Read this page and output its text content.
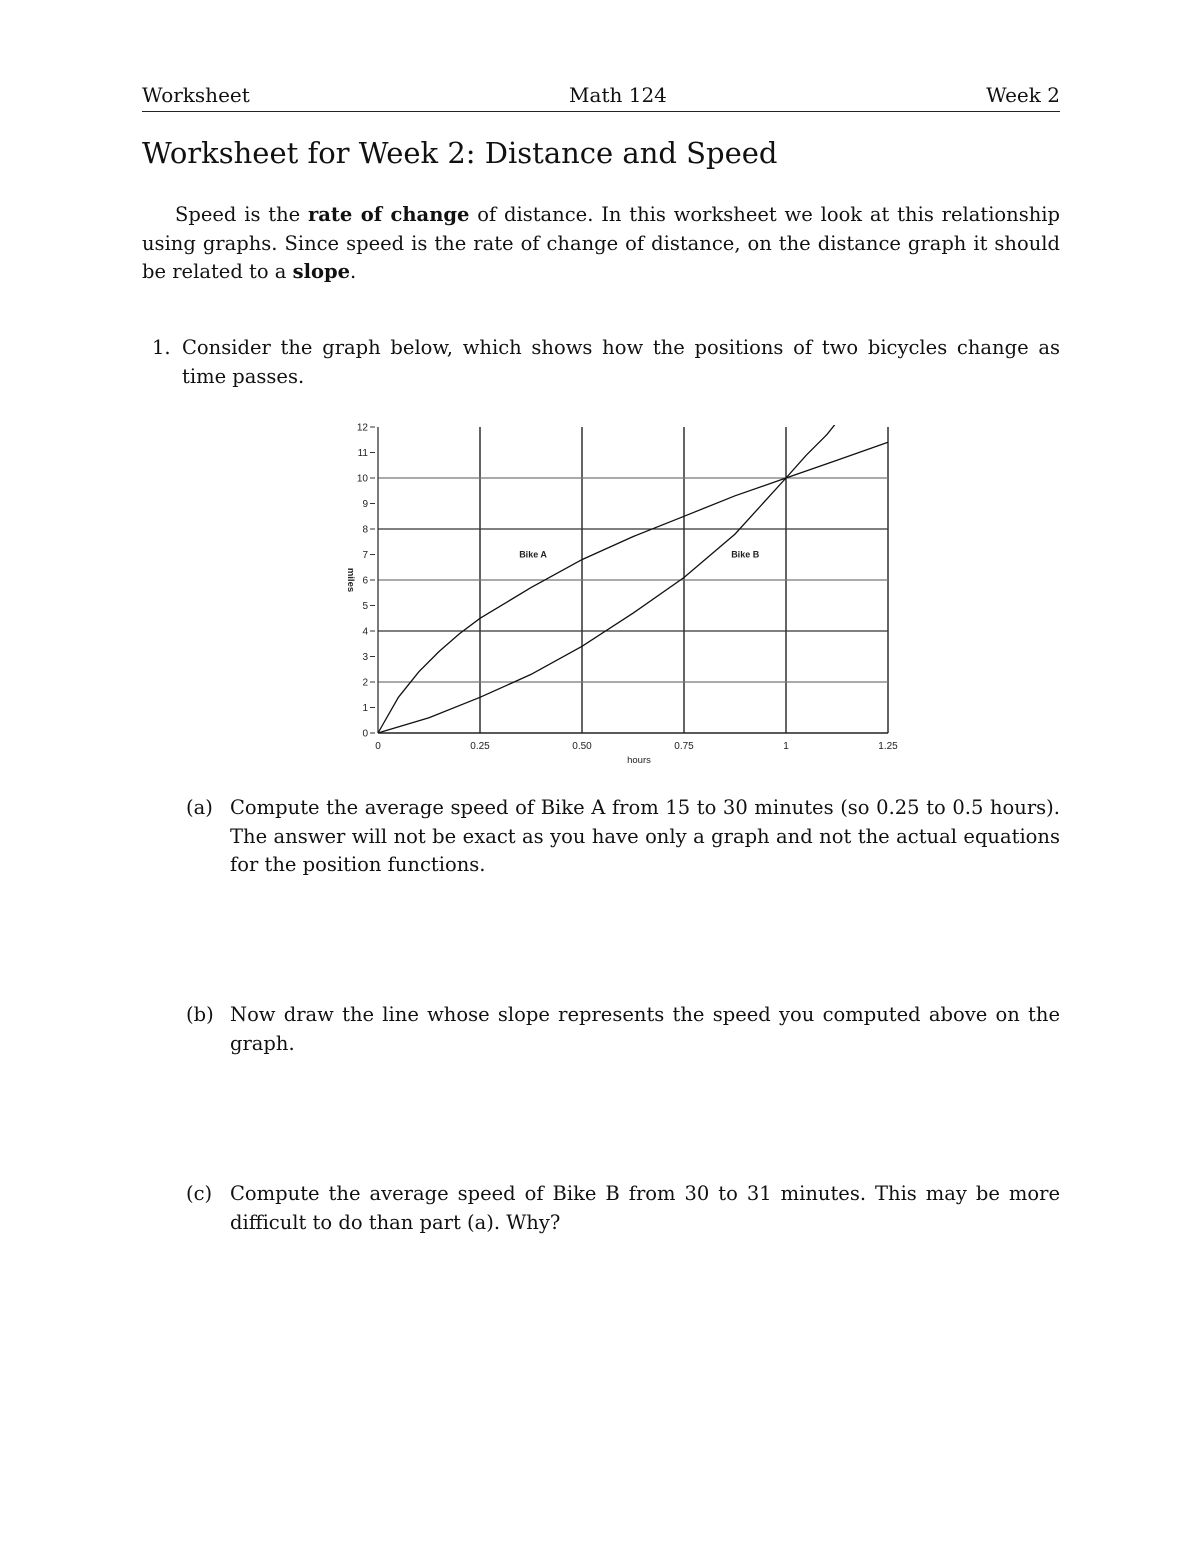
Worksheet	Math 124	Week 2
Worksheet for Week 2: Distance and Speed

Speed is the rate of change of distance. In this worksheet we look at this relationship using graphs. Since speed is the rate of change of distance, on the distance graph it should be related to a slope.

1. Consider the graph below, which shows how the positions of two bicycles change as time passes.
0
1
2
3
4
5
6
7
8
9
10
11
12
0	0.25	0.50	0.75	1	1.25
hours
miles
Bike A	Bike B
(a) Compute the average speed of Bike A from 15 to 30 minutes (so 0.25 to 0.5 hours). The answer will not be exact as you have only a graph and not the actual equations for the position functions.
(b) Now draw the line whose slope represents the speed you computed above on the graph.
(c) Compute the average speed of Bike B from 30 to 31 minutes. This may be more difficult to do than part (a). Why?
